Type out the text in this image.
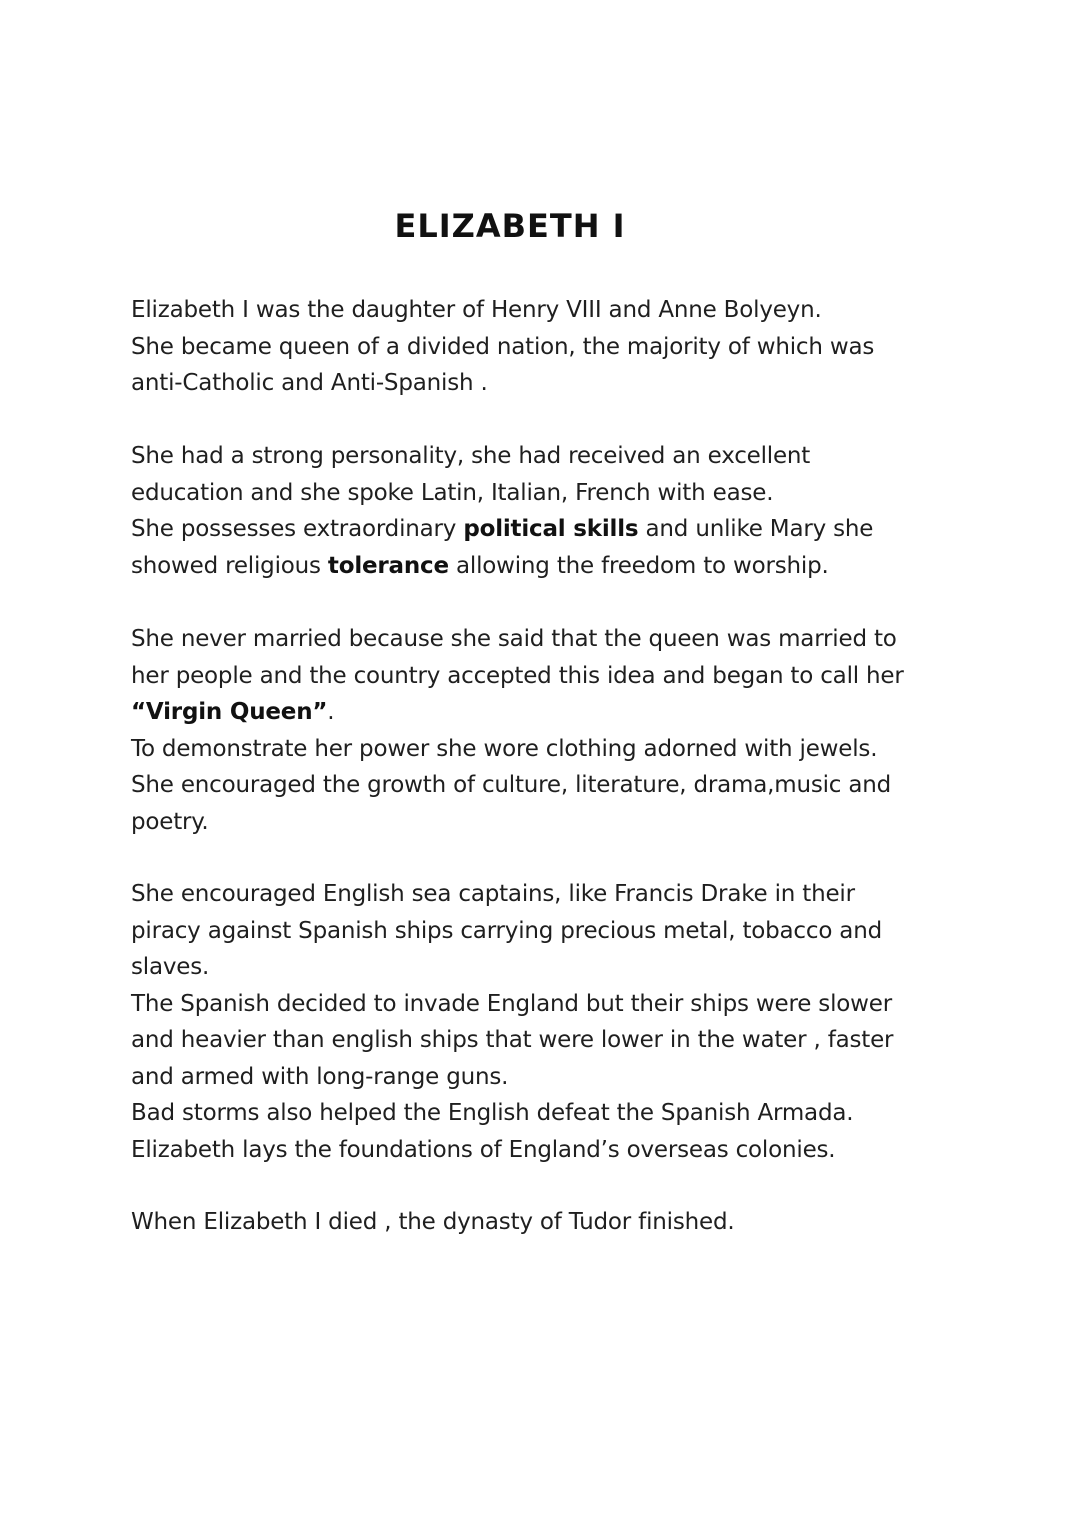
ELIZABETH I

Elizabeth I was the daughter of Henry VIII and Anne Bolyeyn.
She became queen of a divided nation, the majority of which was
anti-Catholic and Anti-Spanish .

She had a strong personality, she had received an excellent
education and she spoke Latin, Italian, French with ease.
She possesses extraordinary political skills and unlike Mary she
showed religious tolerance allowing the freedom to worship.

She never married because she said that the queen was married to
her people and the country accepted this idea and began to call her
“Virgin Queen”.
To demonstrate her power she wore clothing adorned with jewels.
She encouraged the growth of culture, literature, drama,music and
poetry.

She encouraged English sea captains, like Francis Drake in their
piracy against Spanish ships carrying precious metal, tobacco and
slaves.
The Spanish decided to invade England but their ships were slower
and heavier than english ships that were lower in the water , faster
and armed with long-range guns.
Bad storms also helped the English defeat the Spanish Armada.
Elizabeth lays the foundations of England’s overseas colonies.

When Elizabeth I died , the dynasty of Tudor finished.
